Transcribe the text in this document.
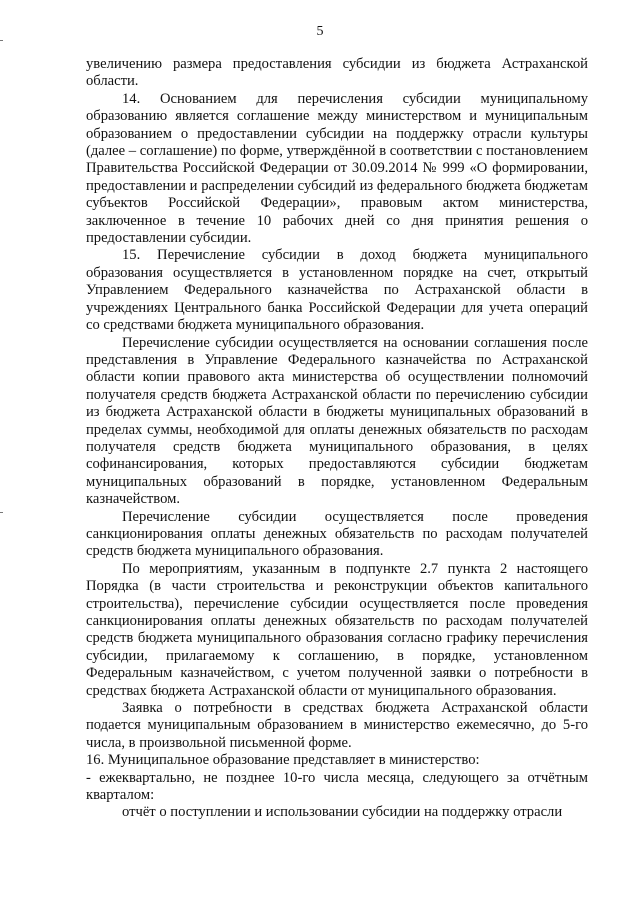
5

увеличению размера предоставления субсидии из бюджета Астраханской области.

14. Основанием для перечисления субсидии муниципальному образованию является соглашение между министерством и муниципальным образованием о предоставлении субсидии на поддержку отрасли культуры (далее – соглашение) по форме, утверждённой в соответствии с постановлением Правительства Российской Федерации от 30.09.2014 № 999 «О формировании, предоставлении и распределении субсидий из федерального бюджета бюджетам субъектов Российской Федерации», правовым актом министерства, заключенное в течение 10 рабочих дней со дня принятия решения о предоставлении субсидии.

15. Перечисление субсидии в доход бюджета муниципального образования осуществляется в установленном порядке на счет, открытый Управлением Федерального казначейства по Астраханской области в учреждениях Центрального банка Российской Федерации для учета операций со средствами бюджета муниципального образования.

Перечисление субсидии осуществляется на основании соглашения после представления в Управление Федерального казначейства по Астраханской области копии правового акта министерства об осуществлении полномочий получателя средств бюджета Астраханской области по перечислению субсидии из бюджета Астраханской области в бюджеты муниципальных образований в пределах суммы, необходимой для оплаты денежных обязательств по расходам получателя средств бюджета муниципального образования, в целях софинансирования, которых предоставляются субсидии бюджетам муниципальных образований в порядке, установленном Федеральным казначейством.

Перечисление субсидии осуществляется после проведения санкционирования оплаты денежных обязательств по расходам получателей средств бюджета муниципального образования.

По мероприятиям, указанным в подпункте 2.7 пункта 2 настоящего Порядка (в части строительства и реконструкции объектов капитального строительства), перечисление субсидии осуществляется после проведения санкционирования оплаты денежных обязательств по расходам получателей средств бюджета муниципального образования согласно графику перечисления субсидии, прилагаемому к соглашению, в порядке, установленном Федеральным казначейством, с учетом полученной заявки о потребности в средствах бюджета Астраханской области от муниципального образования.

Заявка о потребности в средствах бюджета Астраханской области подается муниципальным образованием в министерство ежемесячно, до 5-го числа, в произвольной письменной форме.

16. Муниципальное образование представляет в министерство:

- ежеквартально, не позднее 10-го числа месяца, следующего за отчётным кварталом:

отчёт о поступлении и использовании субсидии на поддержку отрасли
